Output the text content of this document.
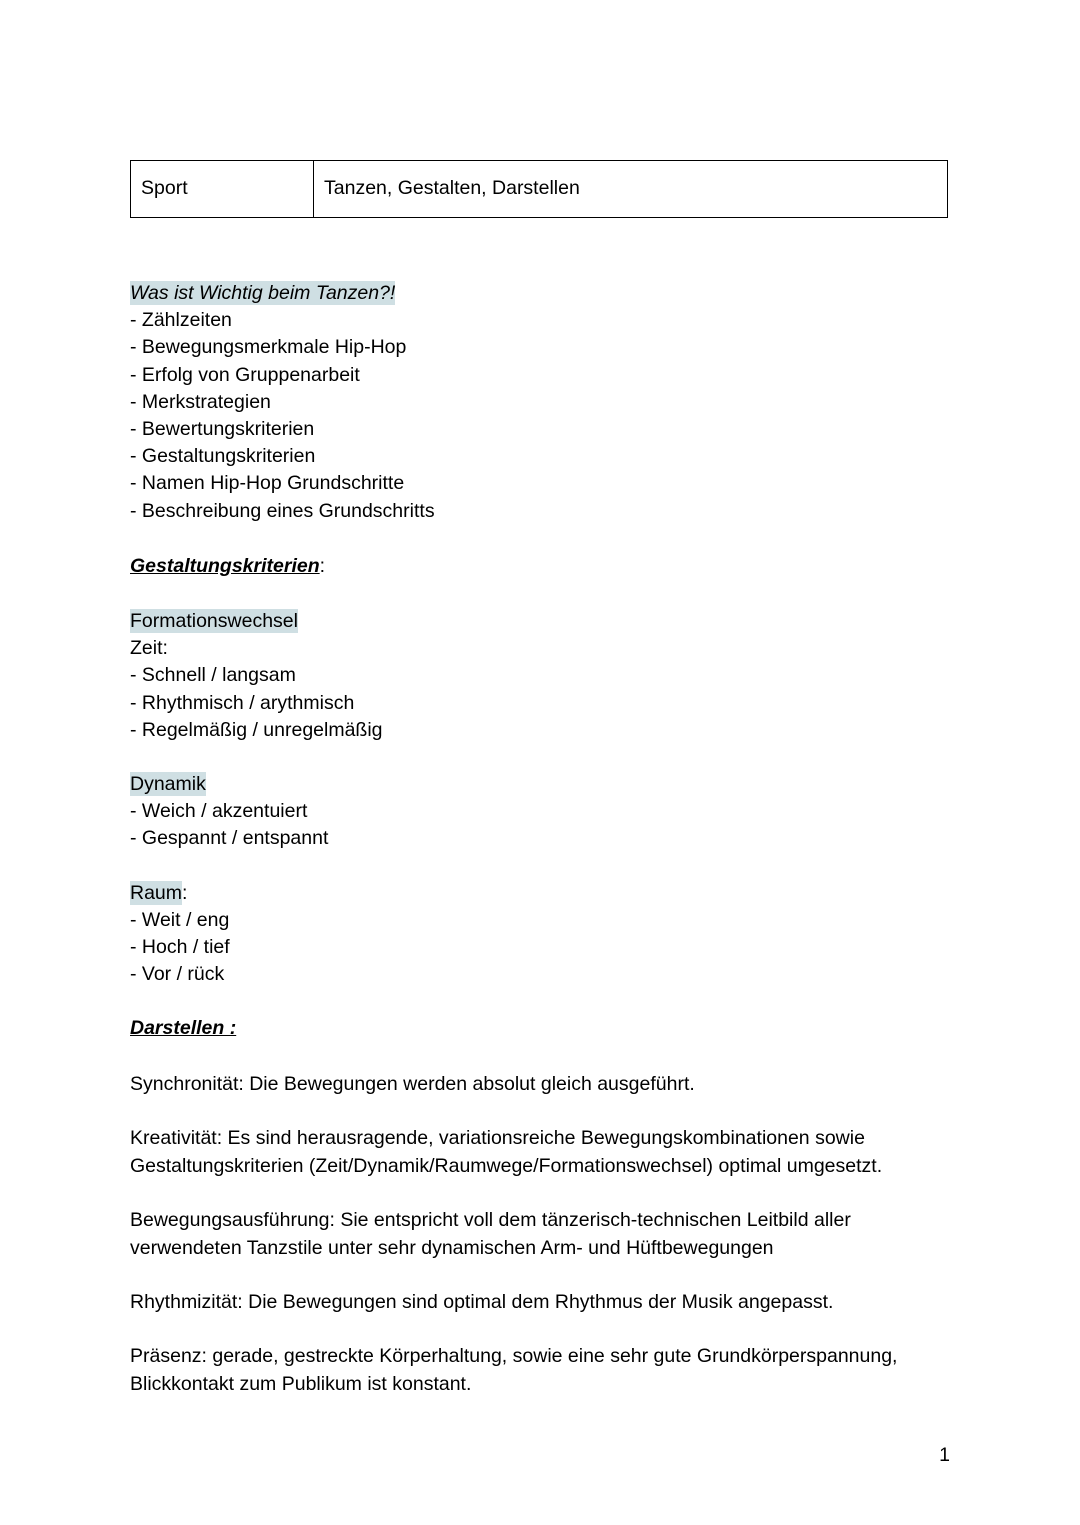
Sport	Tanzen, Gestalten, Darstellen
Was ist Wichtig beim Tanzen?!
- Zählzeiten
- Bewegungsmerkmale Hip-Hop
- Erfolg von Gruppenarbeit
- Merkstrategien
- Bewertungskriterien
- Gestaltungskriterien
- Namen Hip-Hop Grundschritte
- Beschreibung eines Grundschritts
Gestaltungskriterien:
Formationswechsel
Zeit:
- Schnell / langsam
- Rhythmisch / arythmisch
- Regelmäßig / unregelmäßig
Dynamik
- Weich / akzentuiert
- Gespannt / entspannt
Raum:
- Weit / eng
- Hoch / tief
- Vor / rück
Darstellen :

Synchronität: Die Bewegungen werden absolut gleich ausgeführt.

Kreativität: Es sind herausragende, variationsreiche Bewegungskombinationen sowie Gestaltungskriterien (Zeit/Dynamik/Raumwege/Formationswechsel) optimal umgesetzt.

Bewegungsausführung: Sie entspricht voll dem tänzerisch-technischen Leitbild aller verwendeten Tanzstile unter sehr dynamischen Arm- und Hüftbewegungen

Rhythmizität: Die Bewegungen sind optimal dem Rhythmus der Musik angepasst.

Präsenz: gerade, gestreckte Körperhaltung, sowie eine sehr gute Grundkörperspannung, Blickkontakt zum Publikum ist konstant.

1
